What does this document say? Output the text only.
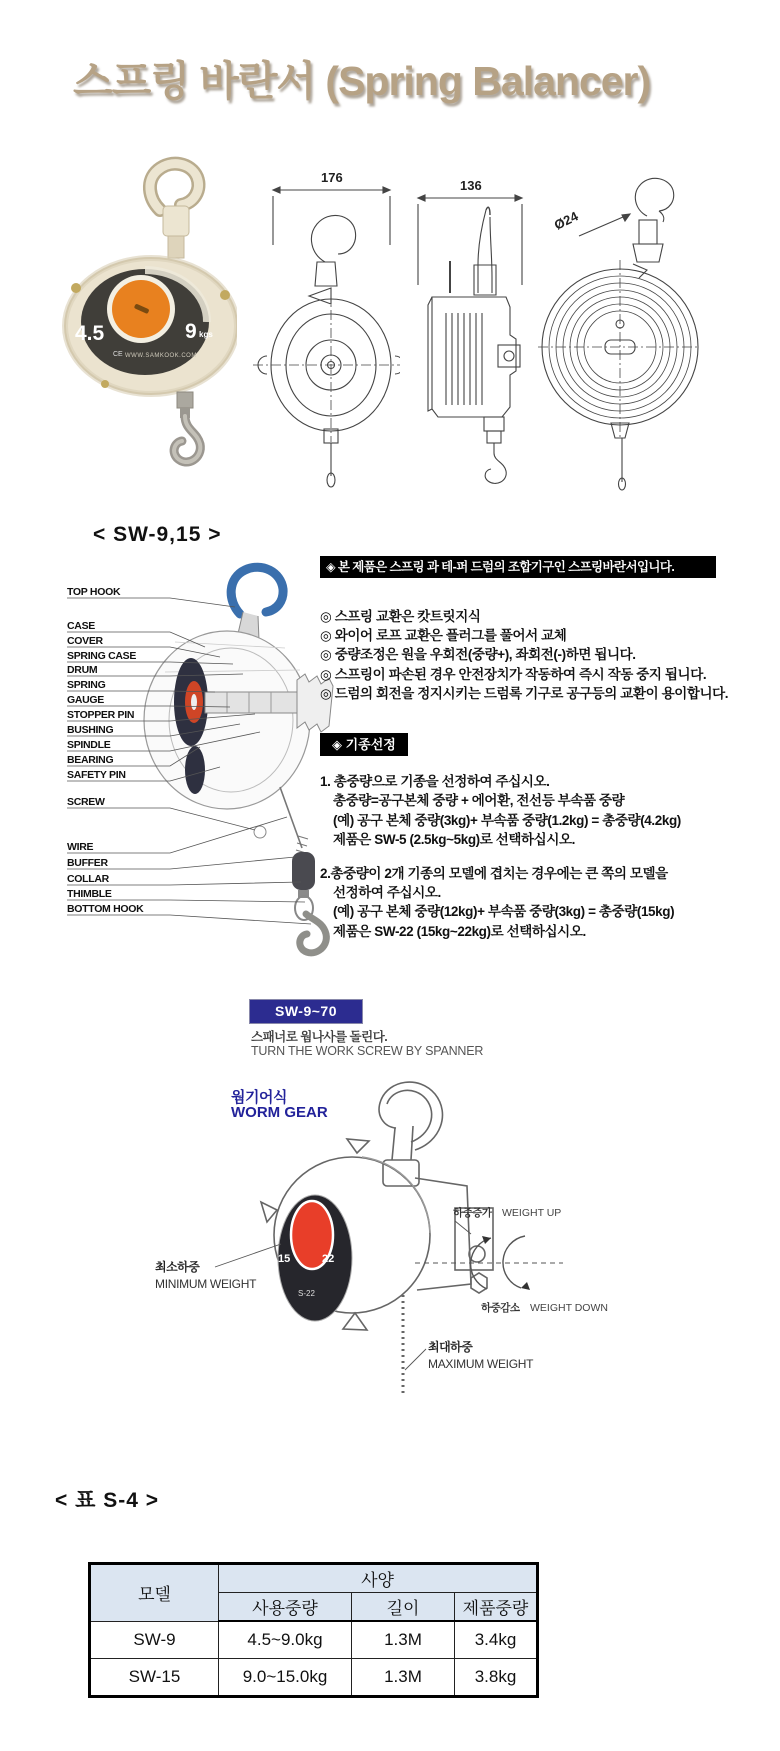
스프링 바란서 (Spring Balancer)
4.5	9 kgs
CE WWW.SAMKOOK.COM
176
136
Ø24
< SW-9,15 >
TOP HOOK
CASE
COVER
SPRING CASE
DRUM
SPRING
GAUGE
STOPPER PIN
BUSHING
SPINDLE
BEARING
SAFETY PIN
SCREW
WIRE
BUFFER
COLLAR
THIMBLE
BOTTOM HOOK
◈ 본 제품은 스프링 과 테-퍼 드럼의 조합기구인 스프링바란서입니다.
◎ 스프링 교환은 캇트릿지식
◎ 와이어 로프 교환은 플러그를 풀어서 교체
◎ 중량조정은 원을 우회전(중량+), 좌회전(-)하면 됩니다.
◎ 스프링이 파손된 경우 안전장치가 작동하여 즉시 작동 중지 됩니다.
◎ 드럼의 회전을 정지시키는 드럼록 기구로 공구등의 교환이 용이합니다.
◈ 기종선정
1. 총중량으로 기종을 선정하여 주십시오.
총중량=공구본체 중량 + 에어환, 전선등 부속품 중량
(예) 공구 본체 중량(3kg)+ 부속품 중량(1.2kg) = 총중량(4.2kg)
제품은 SW-5 (2.5kg~5kg)로 선택하십시오.
2.총중량이 2개 기종의 모델에 겹치는 경우에는 큰 쪽의 모델을
선정하여 주십시오.
(예) 공구 본체 중량(12kg)+ 부속품 중량(3kg) = 총중량(15kg)
제품은 SW-22 (15kg~22kg)로 선택하십시오.
SW-9~70
스패너로 웜나사를 돌린다.
TURN THE WORK SCREW BY SPANNER
웜기어식
WORM GEAR
15	22
S-22
최소하중
MINIMUM WEIGHT
하중증가 WEIGHT UP
하중감소 WEIGHT DOWN
최대하중
MAXIMUM WEIGHT
< 표 S-4 >
모델	사양		
	사용중량	길이	제품중량
SW-9	4.5~9.0kg	1.3M	3.4kg
SW-15	9.0~15.0kg	1.3M	3.8kg
